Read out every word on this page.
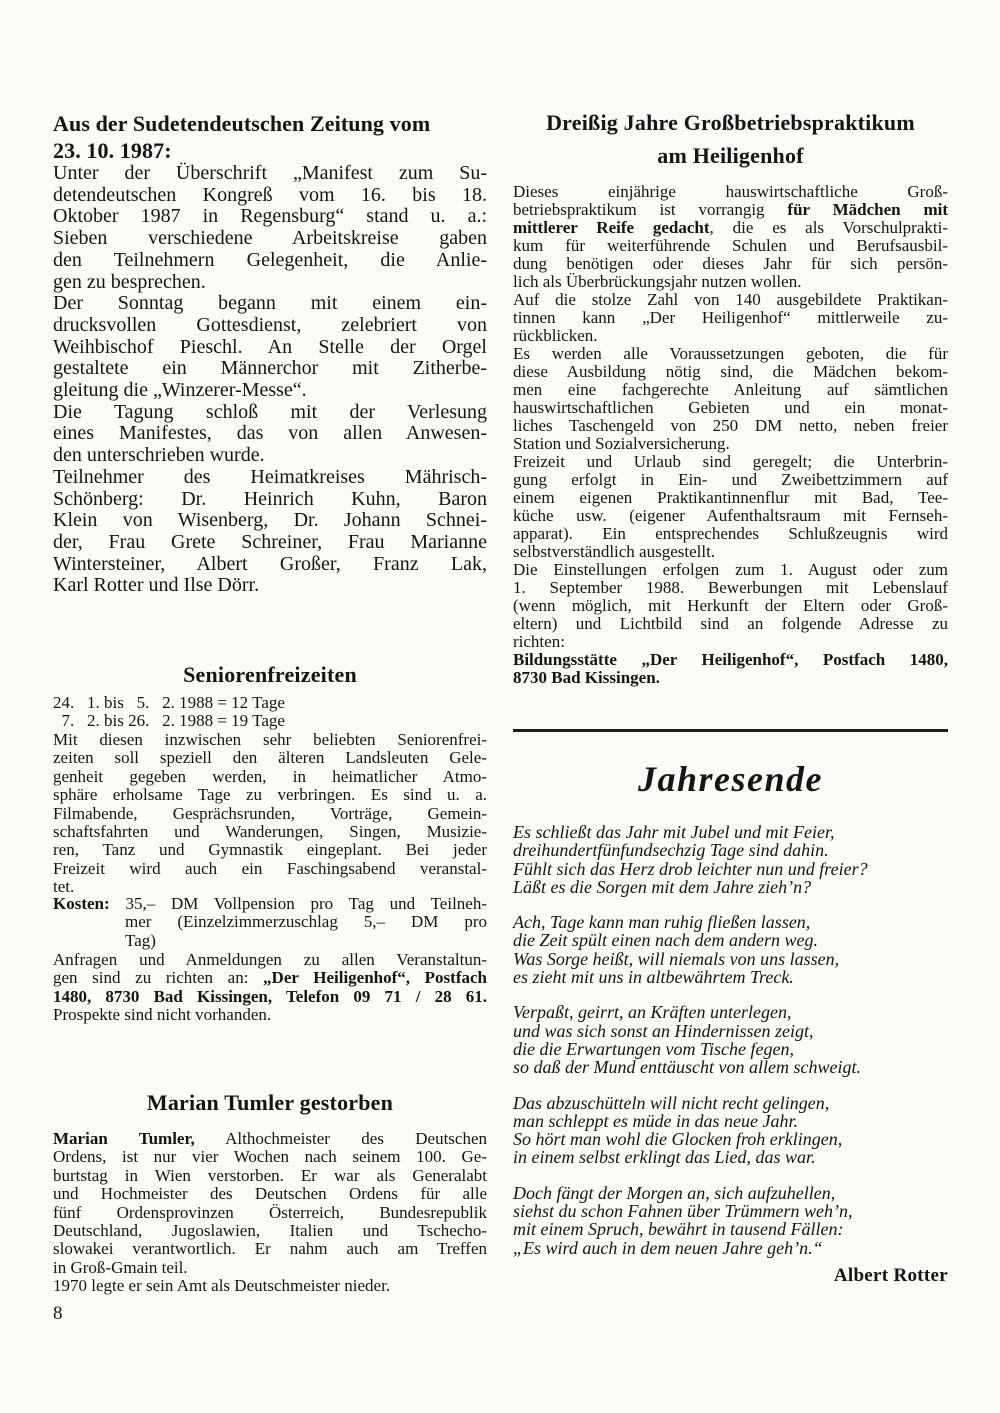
Aus der Sudetendeutschen Zeitung vom
23. 10. 1987:
Unter der Überschrift „Manifest zum Su-
detendeutschen Kongreß vom 16. bis 18.
Oktober 1987 in Regensburg“ stand u. a.:
Sieben verschiedene Arbeitskreise gaben
den Teilnehmern Gelegenheit, die Anlie-
gen zu besprechen.
Der Sonntag begann mit einem ein-
drucksvollen Gottesdienst, zelebriert von
Weihbischof Pieschl. An Stelle der Orgel
gestaltete ein Männerchor mit Zitherbe-
gleitung die „Winzerer-Messe“.
Die Tagung schloß mit der Verlesung
eines Manifestes, das von allen Anwesen-
den unterschrieben wurde.
Teilnehmer des Heimatkreises Mährisch-
Schönberg: Dr. Heinrich Kuhn, Baron
Klein von Wisenberg, Dr. Johann Schnei-
der, Frau Grete Schreiner, Frau Marianne
Wintersteiner, Albert Großer, Franz Lak,
Karl Rotter und Ilse Dörr.
Seniorenfreizeiten
24.   1. bis   5.   2. 1988 = 12 Tage
7.   2. bis 26.   2. 1988 = 19 Tage
Mit diesen inzwischen sehr beliebten Seniorenfrei-
zeiten soll speziell den älteren Landsleuten Gele-
genheit gegeben werden, in heimatlicher Atmo-
sphäre erholsame Tage zu verbringen. Es sind u. a.
Filmabende, Gesprächsrunden, Vorträge, Gemein-
schaftsfahrten und Wanderungen, Singen, Musizie-
ren, Tanz und Gymnastik eingeplant. Bei jeder
Freizeit wird auch ein Faschingsabend veranstal-
tet.
Kosten: 35,– DM Vollpension pro Tag und Teilneh-
mer (Einzelzimmerzuschlag 5,– DM pro
Tag)
Anfragen und Anmeldungen zu allen Veranstaltun-
gen sind zu richten an: „Der Heiligenhof“, Postfach
1480, 8730 Bad Kissingen, Telefon 09 71 / 28 61.
Prospekte sind nicht vorhanden.
Marian Tumler gestorben
Marian Tumler, Althochmeister des Deutschen
Ordens, ist nur vier Wochen nach seinem 100. Ge-
burtstag in Wien verstorben. Er war als Generalabt
und Hochmeister des Deutschen Ordens für alle
fünf Ordensprovinzen Österreich, Bundesrepublik
Deutschland, Jugoslawien, Italien und Tschecho-
slowakei verantwortlich. Er nahm auch am Treffen
in Groß-Gmain teil.
1970 legte er sein Amt als Deutschmeister nieder.
8
Dreißig Jahre Großbetriebspraktikum
am Heiligenhof
Dieses einjährige hauswirtschaftliche Groß-
betriebspraktikum ist vorrangig für Mädchen mit
mittlerer Reife gedacht, die es als Vorschulprakti-
kum für weiterführende Schulen und Berufsausbil-
dung benötigen oder dieses Jahr für sich persön-
lich als Überbrückungsjahr nutzen wollen.
Auf die stolze Zahl von 140 ausgebildete Praktikan-
tinnen kann „Der Heiligenhof“ mittlerweile zu-
rückblicken.
Es werden alle Voraussetzungen geboten, die für
diese Ausbildung nötig sind, die Mädchen bekom-
men eine fachgerechte Anleitung auf sämtlichen
hauswirtschaftlichen Gebieten und ein monat-
liches Taschengeld von 250 DM netto, neben freier
Station und Sozialversicherung.
Freizeit und Urlaub sind geregelt; die Unterbrin-
gung erfolgt in Ein- und Zweibettzimmern auf
einem eigenen Praktikantinnenflur mit Bad, Tee-
küche usw. (eigener Aufenthaltsraum mit Fernseh-
apparat). Ein entsprechendes Schlußzeugnis wird
selbstverständlich ausgestellt.
Die Einstellungen erfolgen zum 1. August oder zum
1. September 1988. Bewerbungen mit Lebenslauf
(wenn möglich, mit Herkunft der Eltern oder Groß-
eltern) und Lichtbild sind an folgende Adresse zu
richten:
Bildungsstätte „Der Heiligenhof“, Postfach 1480,
8730 Bad Kissingen.
Jahresende
Es schließt das Jahr mit Jubel und mit Feier,
dreihundertfünfundsechzig Tage sind dahin.
Fühlt sich das Herz drob leichter nun und freier?
Läßt es die Sorgen mit dem Jahre zieh’n?
Ach, Tage kann man ruhig fließen lassen,
die Zeit spült einen nach dem andern weg.
Was Sorge heißt, will niemals von uns lassen,
es zieht mit uns in altbewährtem Treck.
Verpaßt, geirrt, an Kräften unterlegen,
und was sich sonst an Hindernissen zeigt,
die die Erwartungen vom Tische fegen,
so daß der Mund enttäuscht von allem schweigt.
Das abzuschütteln will nicht recht gelingen,
man schleppt es müde in das neue Jahr.
So hört man wohl die Glocken froh erklingen,
in einem selbst erklingt das Lied, das war.
Doch fängt der Morgen an, sich aufzuhellen,
siehst du schon Fahnen über Trümmern weh’n,
mit einem Spruch, bewährt in tausend Fällen:
„Es wird auch in dem neuen Jahre geh’n.“
Albert Rotter
